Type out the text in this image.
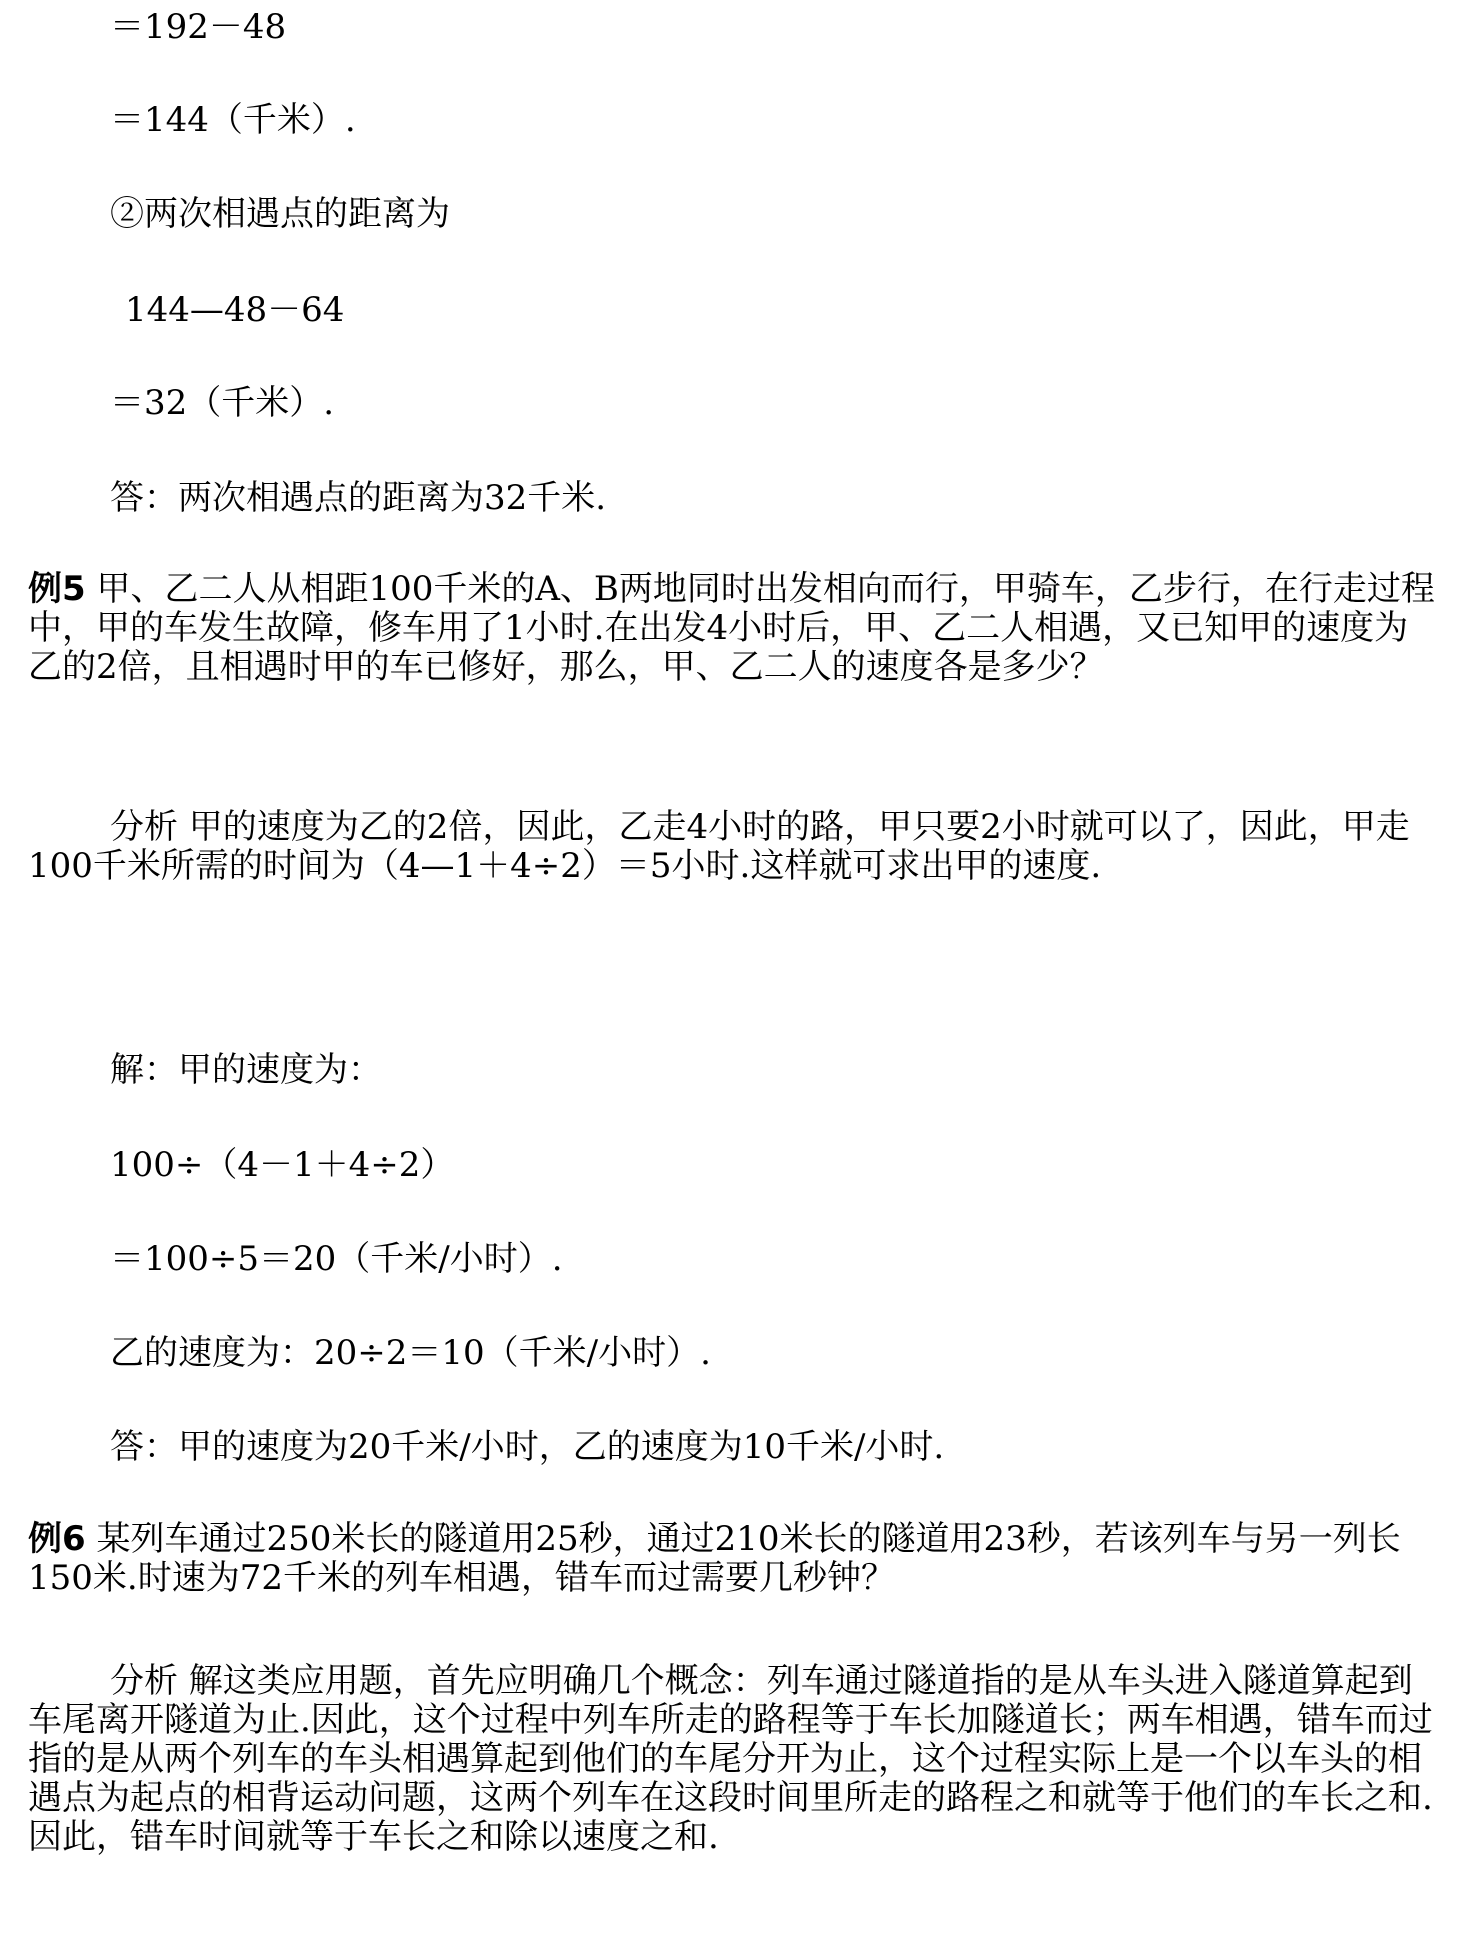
＝192－48
＝144（千米）.
②两次相遇点的距离为
144—48－64
＝32（千米）.
答：两次相遇点的距离为32千米.
例5 甲、乙二人从相距100千米的A、B两地同时出发相向而行，甲骑车，乙步行，在行走过程中，甲的车发生故障，修车用了1小时.在出发4小时后，甲、乙二人相遇，又已知甲的速度为乙的2倍，且相遇时甲的车已修好，那么，甲、乙二人的速度各是多少？
分析 甲的速度为乙的2倍，因此，乙走4小时的路，甲只要2小时就可以了，因此，甲走100千米所需的时间为（4—1＋4÷2）＝5小时.这样就可求出甲的速度.
解：甲的速度为：
100÷（4－1＋4÷2）
＝100÷5＝20（千米/小时）.
乙的速度为：20÷2＝10（千米/小时）.
答：甲的速度为20千米/小时，乙的速度为10千米/小时.
例6 某列车通过250米长的隧道用25秒，通过210米长的隧道用23秒，若该列车与另一列长150米.时速为72千米的列车相遇，错车而过需要几秒钟？
分析 解这类应用题，首先应明确几个概念：列车通过隧道指的是从车头进入隧道算起到车尾离开隧道为止.因此，这个过程中列车所走的路程等于车长加隧道长；两车相遇，错车而过指的是从两个列车的车头相遇算起到他们的车尾分开为止，这个过程实际上是一个以车头的相遇点为起点的相背运动问题，这两个列车在这段时间里所走的路程之和就等于他们的车长之和.因此，错车时间就等于车长之和除以速度之和.
